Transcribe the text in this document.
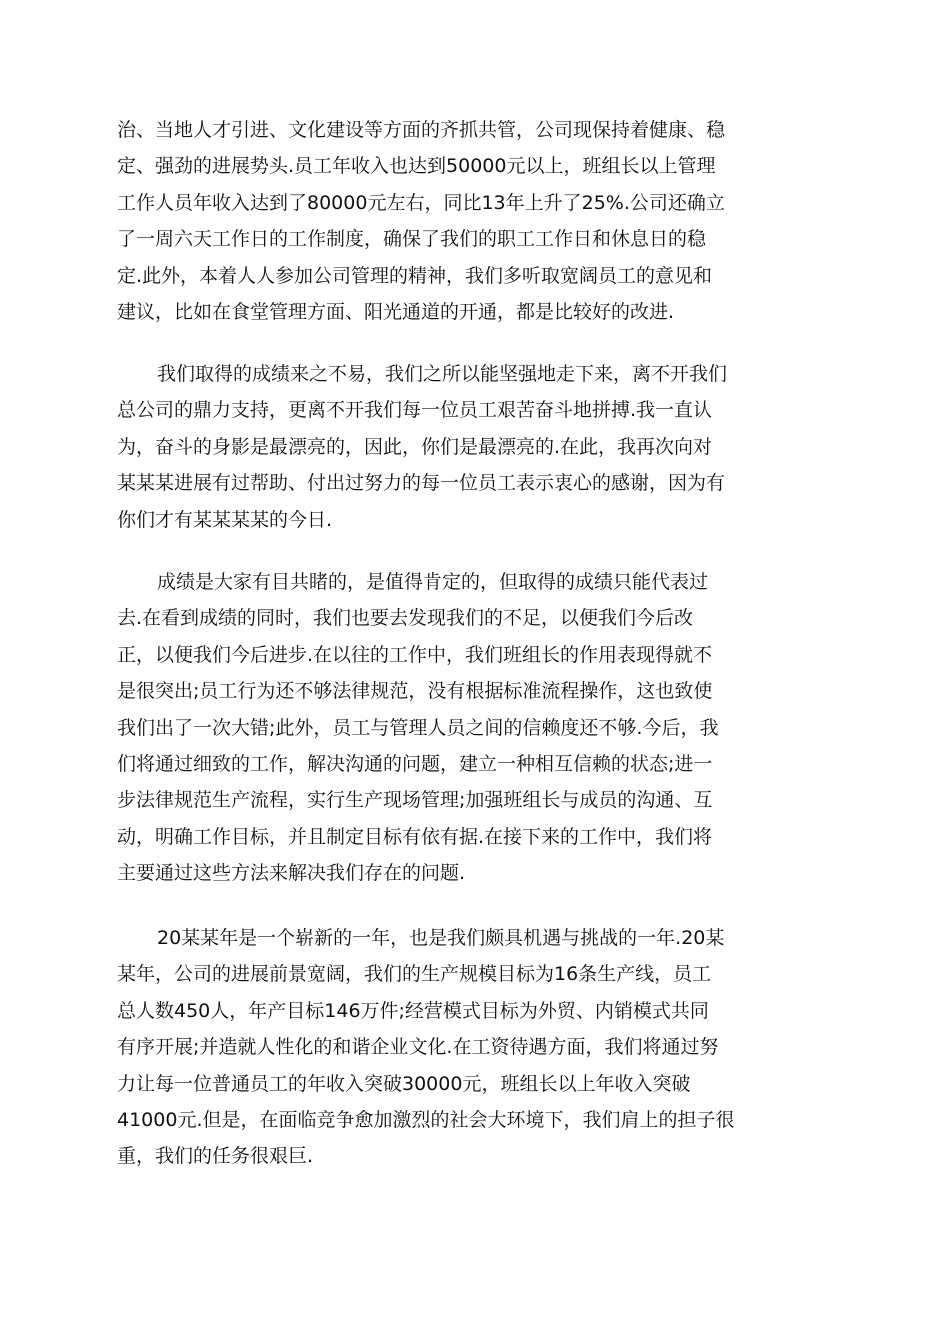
治、当地人才引进、文化建设等方面的齐抓共管，公司现保持着健康、稳
定、强劲的进展势头.员工年收入也达到50000元以上，班组长以上管理
工作人员年收入达到了80000元左右，同比13年上升了25%.公司还确立
了一周六天工作日的工作制度，确保了我们的职工工作日和休息日的稳
定.此外，本着人人参加公司管理的精神，我们多听取宽阔员工的意见和
建议，比如在食堂管理方面、阳光通道的开通，都是比较好的改进.
我们取得的成绩来之不易，我们之所以能坚强地走下来，离不开我们
总公司的鼎力支持，更离不开我们每一位员工艰苦奋斗地拼搏.我一直认
为，奋斗的身影是最漂亮的，因此，你们是最漂亮的.在此，我再次向对
某某某进展有过帮助、付出过努力的每一位员工表示衷心的感谢，因为有
你们才有某某某某的今日.
成绩是大家有目共睹的，是值得肯定的，但取得的成绩只能代表过
去.在看到成绩的同时，我们也要去发现我们的不足，以便我们今后改
正，以便我们今后进步.在以往的工作中，我们班组长的作用表现得就不
是很突出;员工行为还不够法律规范，没有根据标准流程操作，这也致使
我们出了一次大错;此外，员工与管理人员之间的信赖度还不够.今后，我
们将通过细致的工作，解决沟通的问题，建立一种相互信赖的状态;进一
步法律规范生产流程，实行生产现场管理;加强班组长与成员的沟通、互
动，明确工作目标，并且制定目标有依有据.在接下来的工作中，我们将
主要通过这些方法来解决我们存在的问题.
20某某年是一个崭新的一年，也是我们颇具机遇与挑战的一年.20某
某年，公司的进展前景宽阔，我们的生产规模目标为16条生产线，员工
总人数450人，年产目标146万件;经营模式目标为外贸、内销模式共同
有序开展;并造就人性化的和谐企业文化.在工资待遇方面，我们将通过努
力让每一位普通员工的年收入突破30000元，班组长以上年收入突破
41000元.但是，在面临竞争愈加激烈的社会大环境下，我们肩上的担子很
重，我们的任务很艰巨.
